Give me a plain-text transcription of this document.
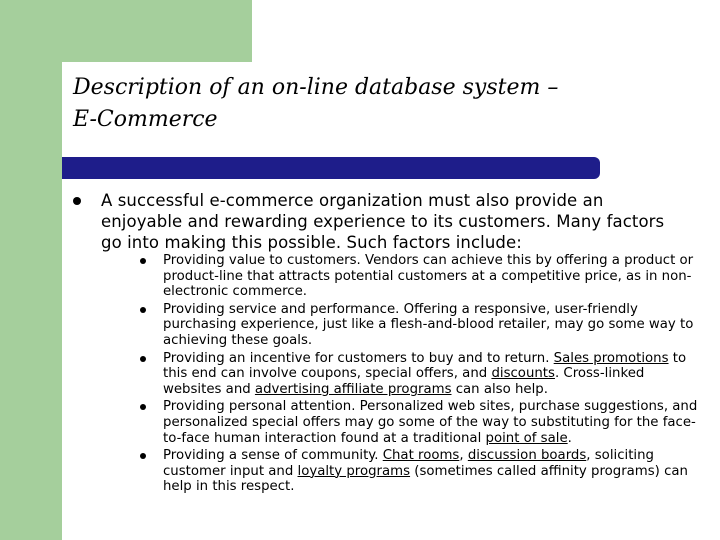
Description of an on-line database system –
E-Commerce
A successful e-commerce organization must also provide an enjoyable and rewarding experience to its customers. Many factors go into making this possible. Such factors include:
Providing value to customers. Vendors can achieve this by offering a product or product-line that attracts potential customers at a competitive price, as in non-electronic commerce.
Providing service and performance. Offering a responsive, user-friendly purchasing experience, just like a flesh-and-blood retailer, may go some way to achieving these goals.
Providing an incentive for customers to buy and to return. Sales promotions to this end can involve coupons, special offers, and discounts. Cross-linked websites and advertising affiliate programs can also help.
Providing personal attention. Personalized web sites, purchase suggestions, and personalized special offers may go some of the way to substituting for the face-to-face human interaction found at a traditional point of sale.
Providing a sense of community. Chat rooms, discussion boards, soliciting customer input and loyalty programs (sometimes called affinity programs) can help in this respect.
